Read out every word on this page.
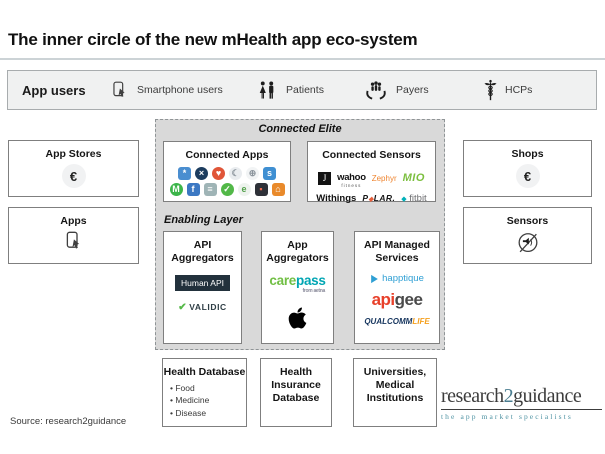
The inner circle of the new mHealth app eco-system
App users	Smartphone users	Patients	Payers	HCPs
App Stores
€
Apps
Shops
€
Sensors
Connected Elite
Connected Apps
*	×	♥	☾	⊕	s
M	f	≡	✓	e	▪	⌂
Connected Sensors
J	wahoo
fitness
Zephyr MIO
Withings P◆LAR. ◆ fitbit
Enabling Layer
API Aggregators
Human API
✔ VALIDIC
App Aggregators
carepass
from aetna
API Managed Services
happtique
apigee
QUALCOMMLIFE
Health Database
• Food
• Medicine
• Disease
Health Insurance Database
Universities, Medical Institutions research2guidance
the app market specialists
Source: research2guidance
